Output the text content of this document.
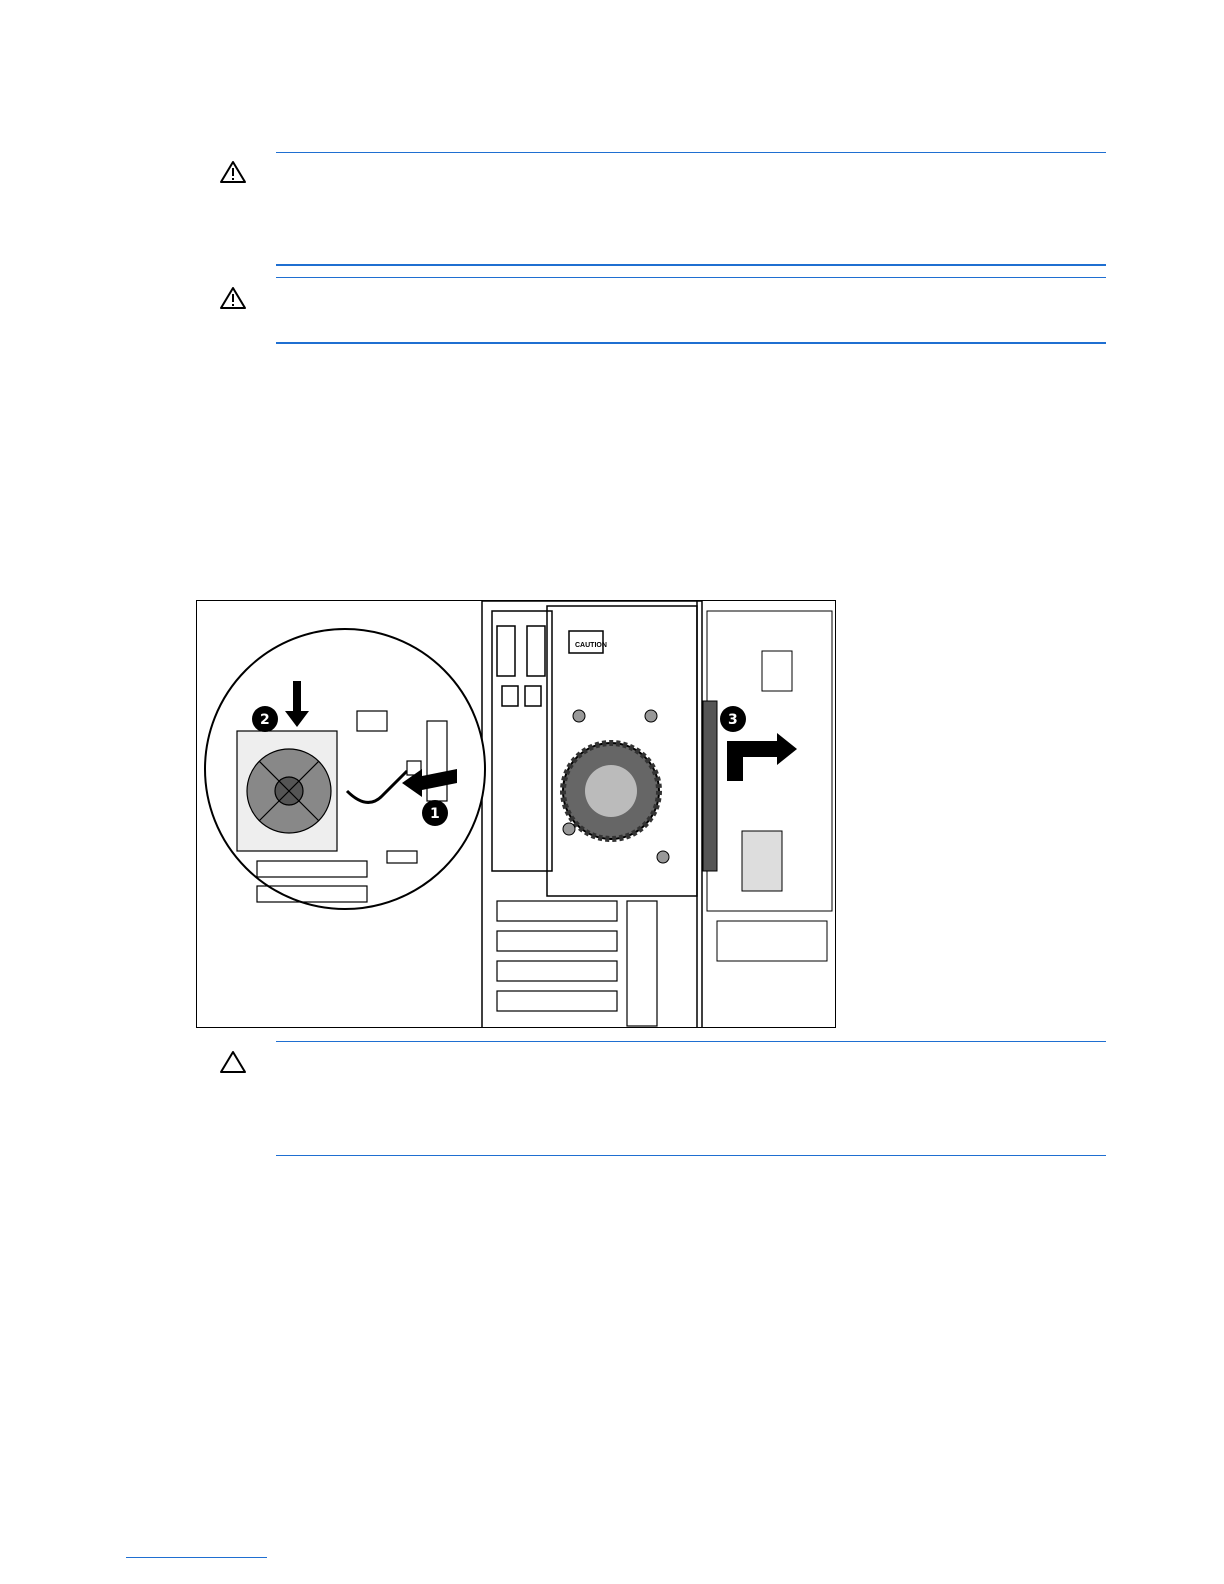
CAUTION
3
2
1
